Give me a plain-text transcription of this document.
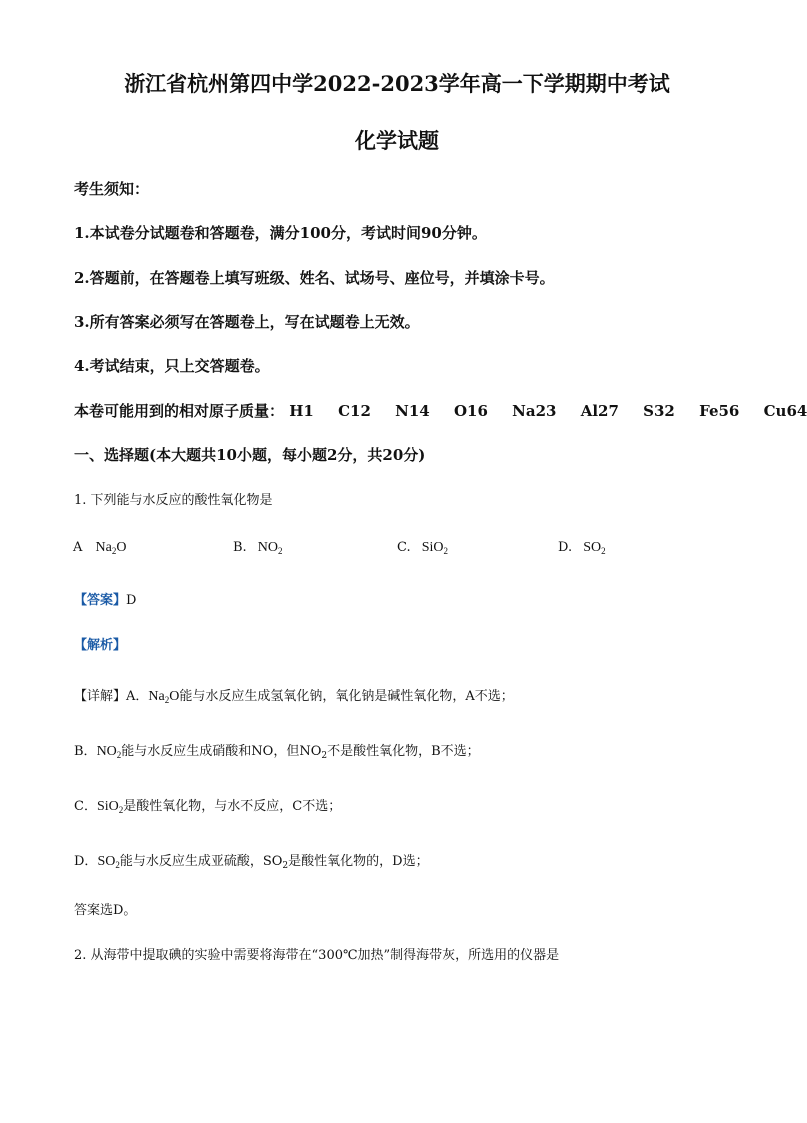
浙江省杭州第四中学2022-2023学年高一下学期期中考试
化学试题
考生须知：
1.本试卷分试题卷和答题卷，满分100分，考试时间90分钟。
2.答题前，在答题卷上填写班级、姓名、试场号、座位号，并填涂卡号。
3.所有答案必须写在答题卷上，写在试题卷上无效。
4.考试结束，只上交答题卷。
本卷可能用到的相对原子质量： H1 C12 N14 O16 Na23 Al27 S32 Fe56 Cu64
一、选择题(本大题共10小题，每小题2分，共20分)
1. 下列能与水反应的酸性氧化物是
A $Na_2O$	B. $NO_2$	C. SiO$_2$	D. $SO_2$
【答案】D
【解析】
【详解】A．$Na_2O$能与水反应生成氢氧化钠，氧化钠是碱性氧化物，A不选；
B．$NO_2$能与水反应生成硝酸和NO，但$NO_2$不是酸性氧化物，B不选；
C．SiO$_2$是酸性氧化物，与水不反应，C不选；
D．$SO_2$能与水反应生成亚硫酸，$SO_2$是酸性氧化物的，D选；
答案选D。
2. 从海带中提取碘的实验中需要将海带在“300℃加热”制得海带灰，所选用的仪器是
